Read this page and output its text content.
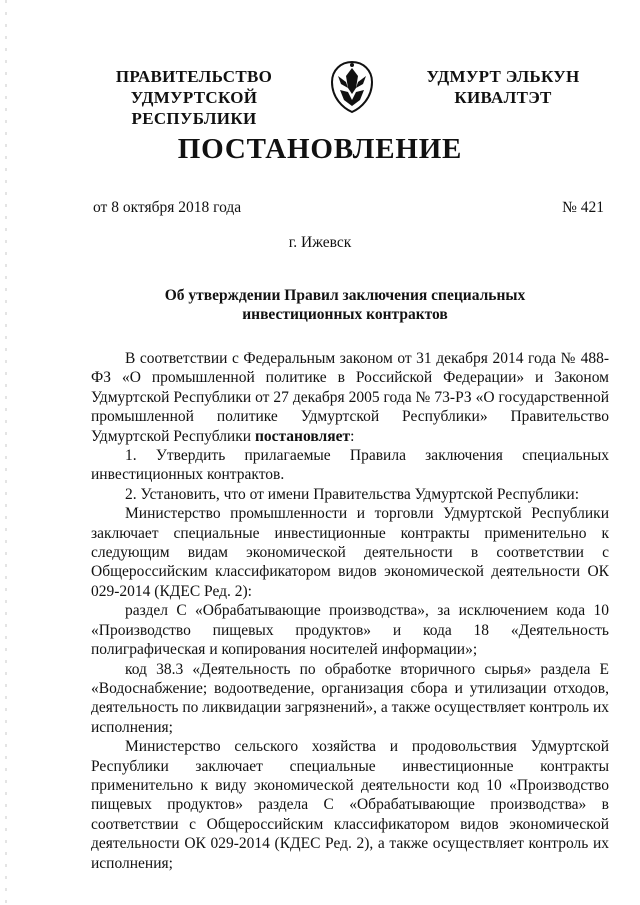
ПРАВИТЕЛЬСТВО
УДМУРТСКОЙ РЕСПУБЛИКИ
УДМУРТ ЭЛЬКУН
КИВАЛТЭТ
ПОСТАНОВЛЕНИЕ
от 8 октября 2018 года	№ 421
г. Ижевск
Об утверждении Правил заключения специальных
инвестиционных контрактов

В соответствии с Федеральным законом от 31 декабря 2014 года № 488-ФЗ «О промышленной политике в Российской Федерации» и Законом Удмуртской Республики от 27 декабря 2005 года № 73-РЗ «О государственной промышленной политике Удмуртской Республики» Правительство Удмуртской Республики постановляет:

1. Утвердить прилагаемые Правила заключения специальных инвестиционных контрактов.

2. Установить, что от имени Правительства Удмуртской Республики:

Министерство промышленности и торговли Удмуртской Республики заключает специальные инвестиционные контракты применительно к следующим видам экономической деятельности в соответствии с Общероссийским классификатором видов экономической деятельности ОК 029-2014 (КДЕС Ред. 2):

раздел С «Обрабатывающие производства», за исключением кода 10 «Производство пищевых продуктов» и кода 18 «Деятельность полиграфическая и копирования носителей информации»;

код 38.3 «Деятельность по обработке вторичного сырья» раздела Е «Водоснабжение; водоотведение, организация сбора и утилизации отходов, деятельность по ликвидации загрязнений», а также осуществляет контроль их исполнения;

Министерство сельского хозяйства и продовольствия Удмуртской Республики заключает специальные инвестиционные контракты применительно к виду экономической деятельности код 10 «Производство пищевых продуктов» раздела С «Обрабатывающие производства» в соответствии с Общероссийским классификатором видов экономической деятельности ОК 029-2014 (КДЕС Ред. 2), а также осуществляет контроль их исполнения;
